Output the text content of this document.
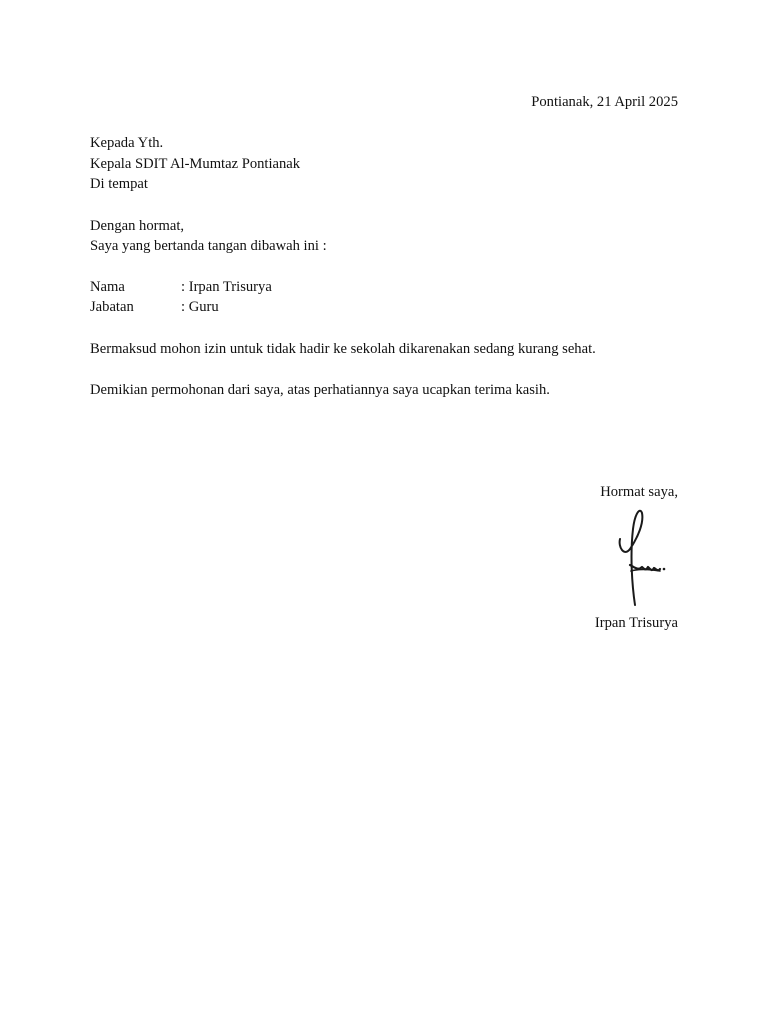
Pontianak, 21 April 2025
Kepada Yth.
Kepala SDIT Al-Mumtaz Pontianak
Di tempat
Dengan hormat,
Saya yang bertanda tangan dibawah ini :
Nama	: Irpan Trisurya
Jabatan	: Guru
Bermaksud mohon izin untuk tidak hadir ke sekolah dikarenakan sedang kurang sehat.
Demikian permohonan dari saya, atas perhatiannya saya ucapkan terima kasih.
Hormat saya,
Irpan Trisurya
